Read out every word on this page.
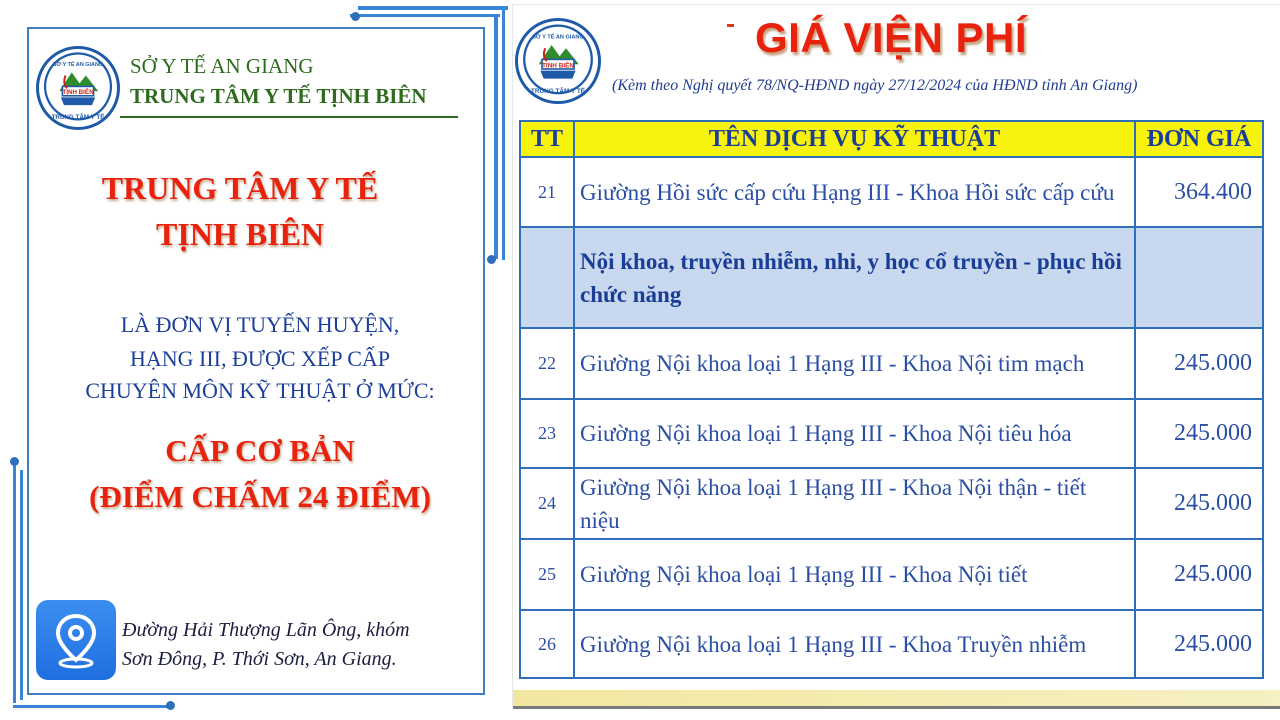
TỊNH BIÊN
TRUNG TÂM Y TẾ
SỞ Y TẾ AN GIANG SỞ Y TẾ AN GIANG
TRUNG TÂM Y TẾ TỊNH BIÊN
TRUNG TÂM Y TẾ
TỊNH BIÊN
LÀ ĐƠN VỊ TUYẾN HUYỆN,
HẠNG III, ĐƯỢC XẾP CẤP
CHUYÊN MÔN KỸ THUẬT Ở MỨC:
CẤP CƠ BẢN
(ĐIỂM CHẤM 24 ĐIỂM)
Đường Hải Thượng Lãn Ông, khóm
Sơn Đông, P. Thới Sơn, An Giang.
TỊNH BIÊN
TRUNG TÂM Y TẾ
SỞ Y TẾ AN GIANG	GIÁ VIỆN PHÍ
(Kèm theo Nghị quyết 78/NQ-HĐND ngày 27/12/2024 của HĐND tỉnh An Giang)
TT	TÊN DỊCH VỤ KỸ THUẬT	ĐƠN GIÁ
21	Giường Hồi sức cấp cứu Hạng III - Khoa Hồi sức cấp cứu	364.400
	Nội khoa, truyền nhiễm, nhi, y học cổ truyền - phục hồi chức năng	
22	Giường Nội khoa loại 1 Hạng III - Khoa Nội tim mạch	245.000
23	Giường Nội khoa loại 1 Hạng III - Khoa Nội tiêu hóa	245.000
24	Giường Nội khoa loại 1 Hạng III - Khoa Nội thận - tiết niệu	245.000
25	Giường Nội khoa loại 1 Hạng III - Khoa Nội tiết	245.000
26	Giường Nội khoa loại 1 Hạng III - Khoa Truyền nhiễm	245.000
